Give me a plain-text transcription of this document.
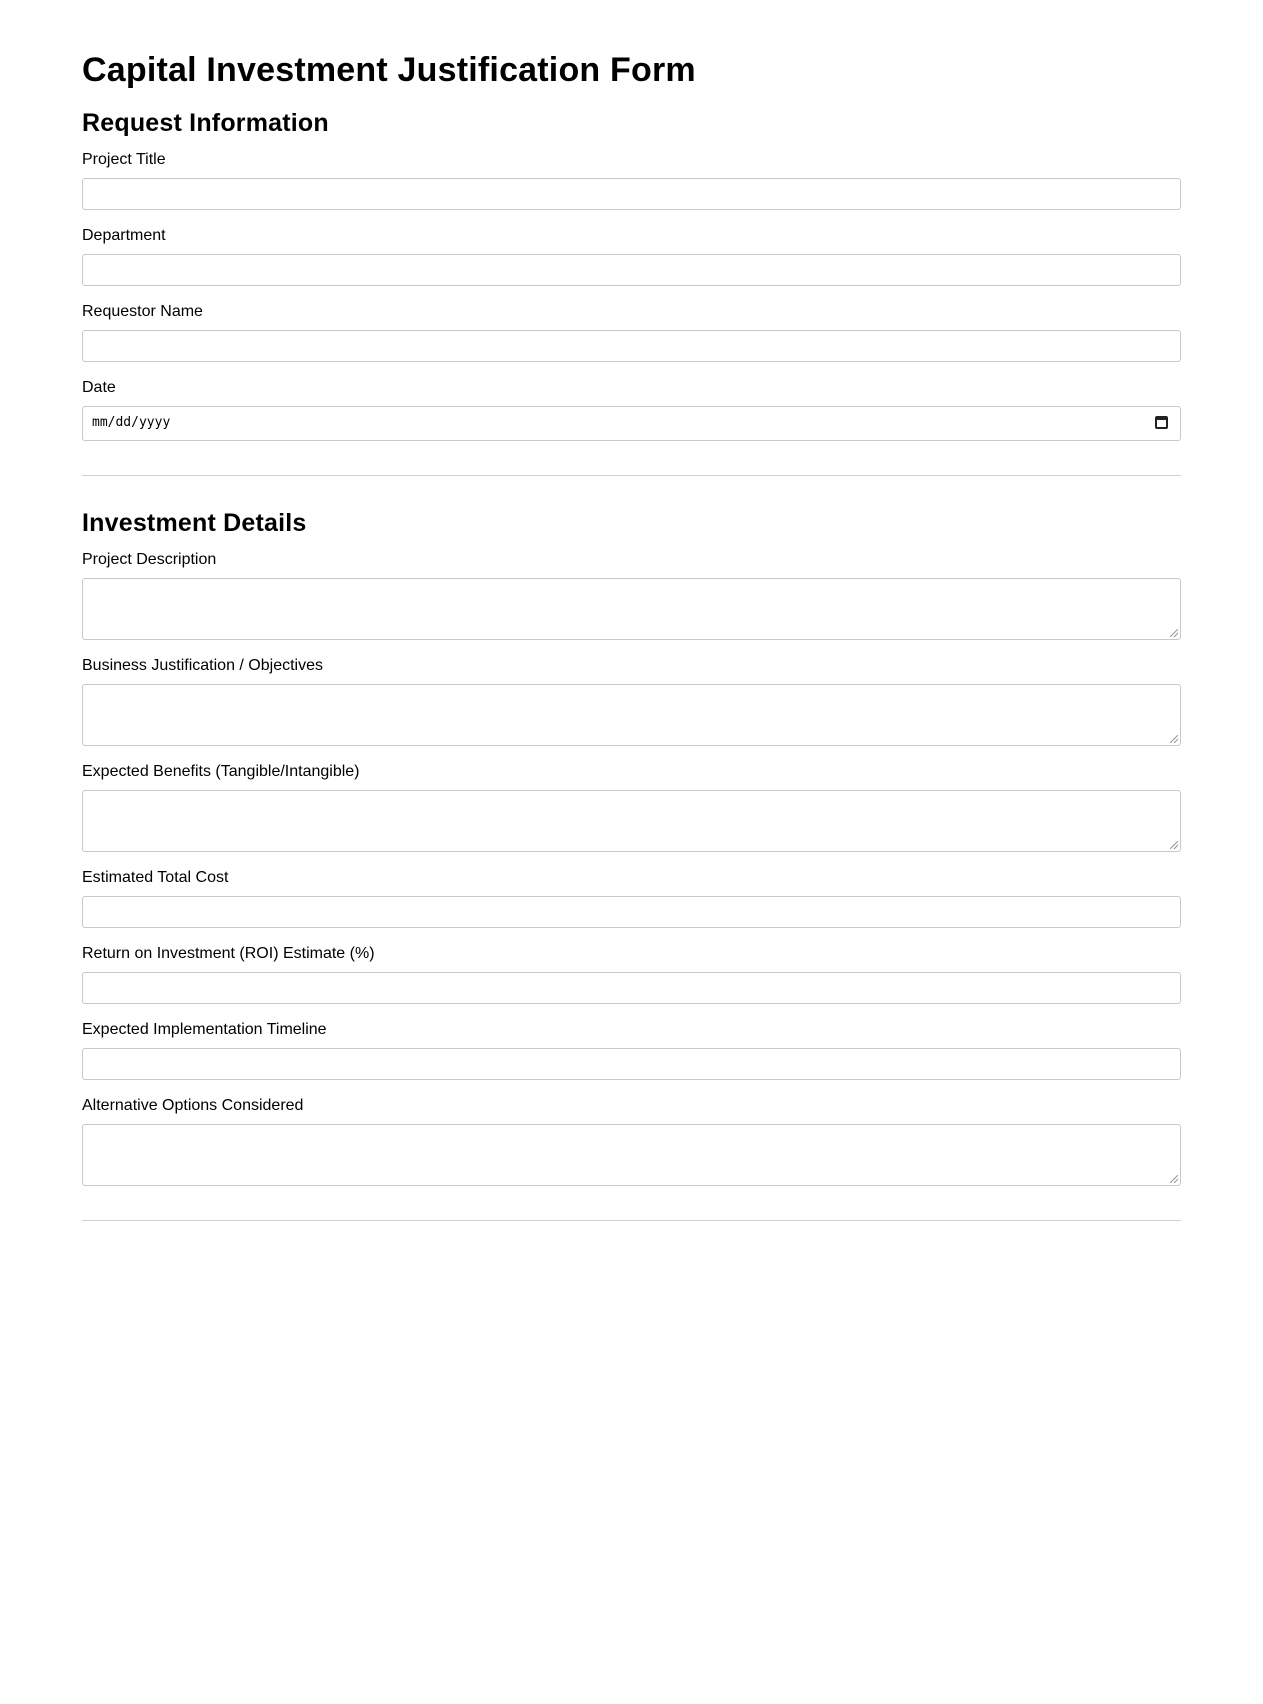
Capital Investment Justification Form
Request Information
Project Title
Department
Requestor Name
Date
mm/dd/yyyy
Investment Details
Project Description
Business Justification / Objectives
Expected Benefits (Tangible/Intangible)
Estimated Total Cost
Return on Investment (ROI) Estimate (%)
Expected Implementation Timeline
Alternative Options Considered
